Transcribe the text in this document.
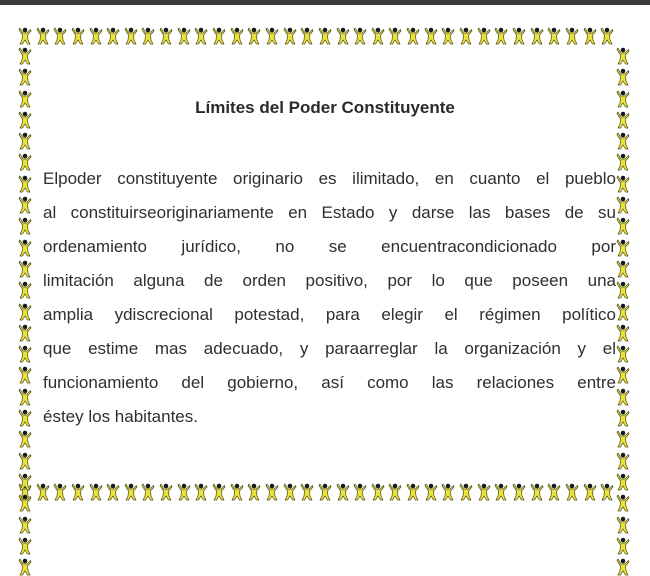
Límites del Poder Constituyente
Elpoder constituyente originario es ilimitado, en cuanto el pueblo
al constituirseoriginariamente en Estado y darse las bases de su
ordenamiento jurídico, no se encuentracondicionado por
limitación alguna de orden positivo, por lo que poseen una
amplia ydiscrecional potestad, para elegir el régimen político
que estime mas adecuado, y paraarreglar la organización y el
funcionamiento del gobierno, así como las relaciones entre
éstey los habitantes.
